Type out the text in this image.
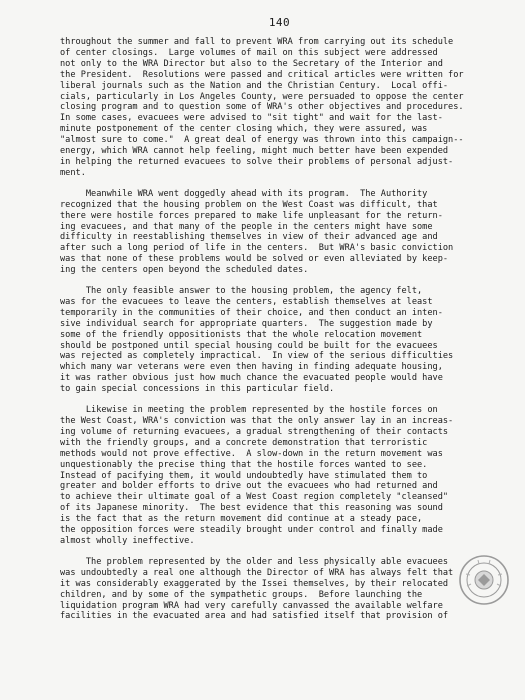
140
throughout the summer and fall to prevent WRA from carrying out its schedule
of center closings.  Large volumes of mail on this subject were addressed
not only to the WRA Director but also to the Secretary of the Interior and
the President.  Resolutions were passed and critical articles were written for
liberal journals such as the Nation and the Christian Century.  Local offi-
cials, particularly in Los Angeles County, were persuaded to oppose the center
closing program and to question some of WRA's other objectives and procedures.
In some cases, evacuees were advised to "sit tight" and wait for the last-
minute postponement of the center closing which, they were assured, was
"almost sure to come."  A great deal of energy was thrown into this campaign--
energy, which WRA cannot help feeling, might much better have been expended
in helping the returned evacuees to solve their problems of personal adjust-
ment.
Meanwhile WRA went doggedly ahead with its program.  The Authority
recognized that the housing problem on the West Coast was difficult, that
there were hostile forces prepared to make life unpleasant for the return-
ing evacuees, and that many of the people in the centers might have some
difficulty in reestablishing themselves in view of their advanced age and
after such a long period of life in the centers.  But WRA's basic conviction
was that none of these problems would be solved or even alleviated by keep-
ing the centers open beyond the scheduled dates.
The only feasible answer to the housing problem, the agency felt,
was for the evacuees to leave the centers, establish themselves at least
temporarily in the communities of their choice, and then conduct an inten-
sive individual search for appropriate quarters.  The suggestion made by
some of the friendly oppositionists that the whole relocation movement
should be postponed until special housing could be built for the evacuees
was rejected as completely impractical.  In view of the serious difficulties
which many war veterans were even then having in finding adequate housing,
it was rather obvious just how much chance the evacuated people would have
to gain special concessions in this particular field.
Likewise in meeting the problem represented by the hostile forces on
the West Coast, WRA's conviction was that the only answer lay in an increas-
ing volume of returning evacuees, a gradual strengthening of their contacts
with the friendly groups, and a concrete demonstration that terroristic
methods would not prove effective.  A slow-down in the return movement was
unquestionably the precise thing that the hostile forces wanted to see.
Instead of pacifying them, it would undoubtedly have stimulated them to
greater and bolder efforts to drive out the evacuees who had returned and
to achieve their ultimate goal of a West Coast region completely "cleansed"
of its Japanese minority.  The best evidence that this reasoning was sound
is the fact that as the return movement did continue at a steady pace,
the opposition forces were steadily brought under control and finally made
almost wholly ineffective.
The problem represented by the older and less physically able evacuees
was undoubtedly a real one although the Director of WRA has always felt that
it was considerably exaggerated by the Issei themselves, by their relocated
children, and by some of the sympathetic groups.  Before launching the
liquidation program WRA had very carefully canvassed the available welfare
facilities in the evacuated area and had satisfied itself that provision of
